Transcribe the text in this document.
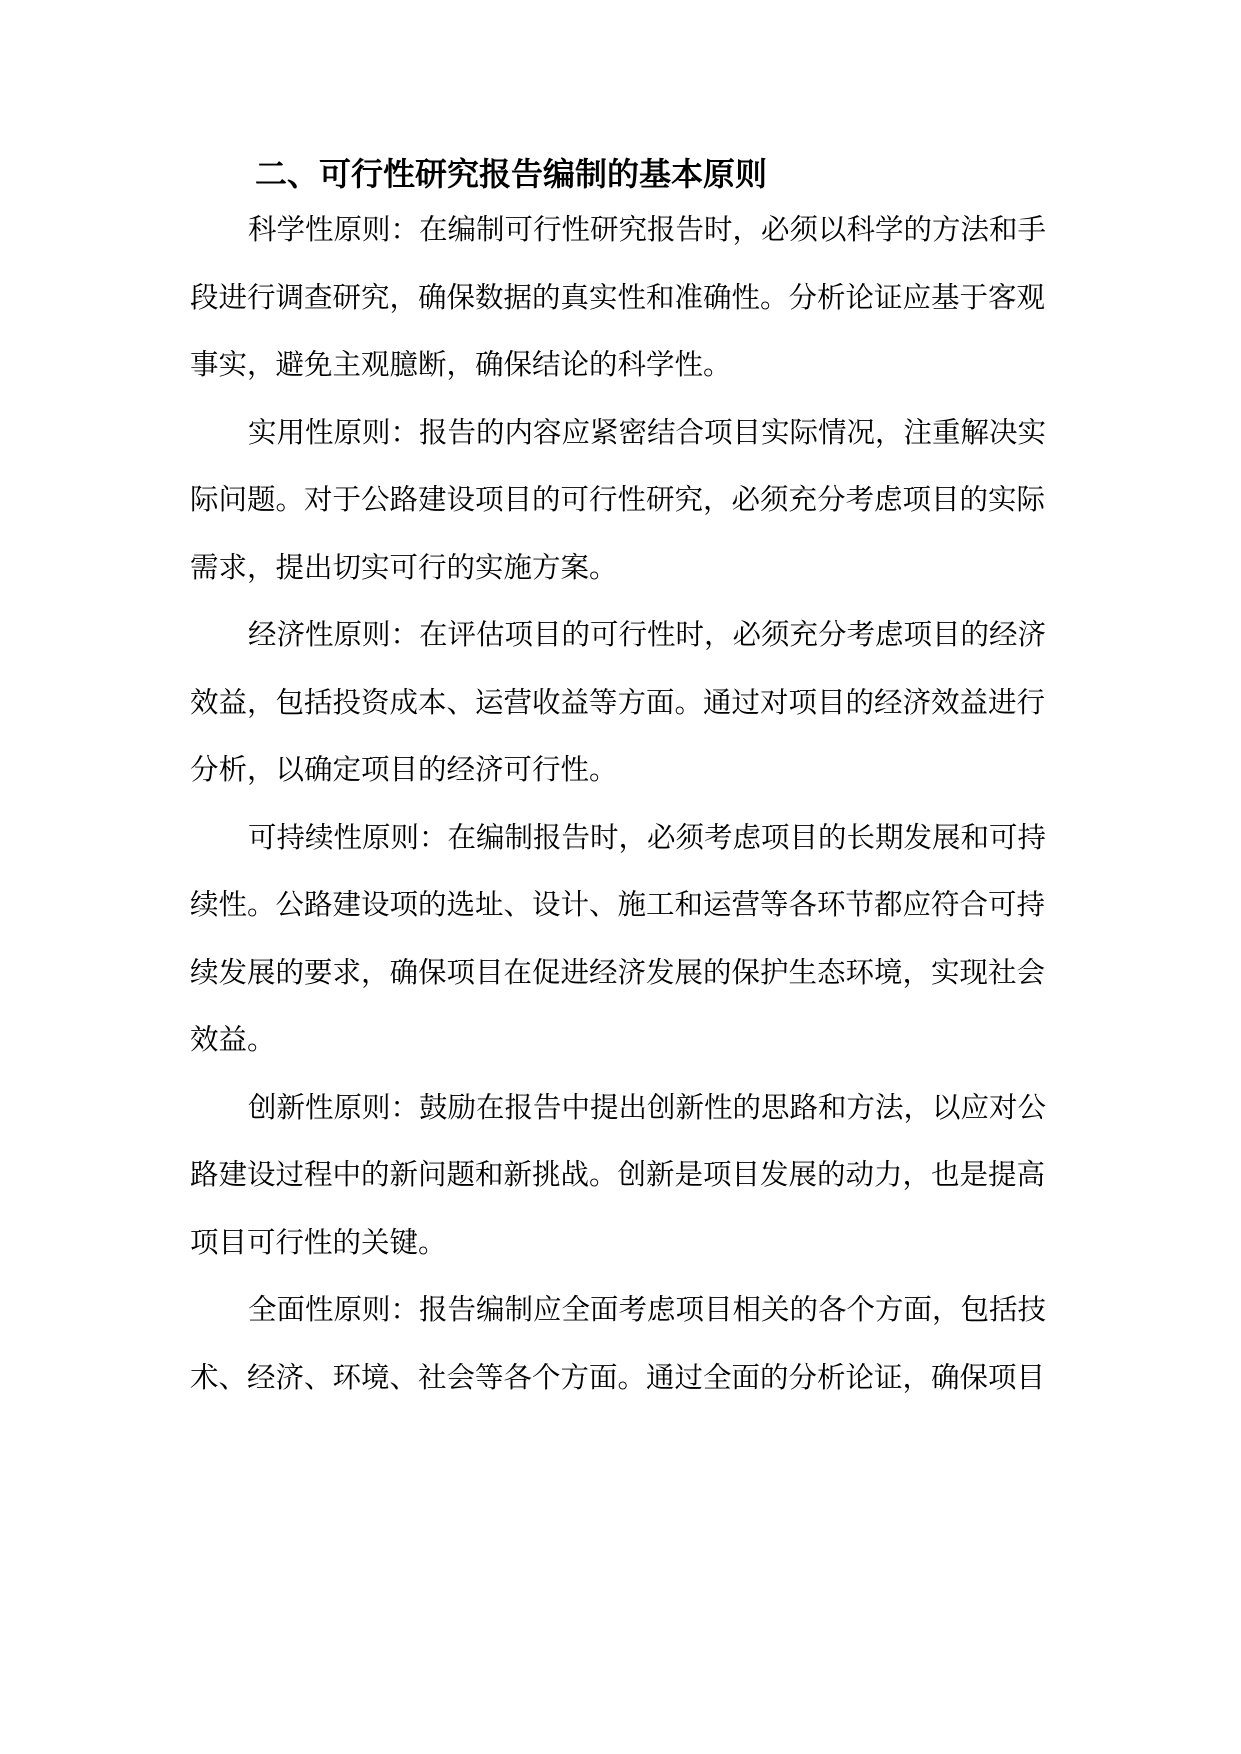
二、可行性研究报告编制的基本原则
科学性原则：在编制可行性研究报告时，必须以科学的方法和手
段进行调查研究，确保数据的真实性和准确性。分析论证应基于客观
事实，避免主观臆断，确保结论的科学性。
实用性原则：报告的内容应紧密结合项目实际情况，注重解决实
际问题。对于公路建设项目的可行性研究，必须充分考虑项目的实际
需求，提出切实可行的实施方案。
经济性原则：在评估项目的可行性时，必须充分考虑项目的经济
效益，包括投资成本、运营收益等方面。通过对项目的经济效益进行
分析，以确定项目的经济可行性。
可持续性原则：在编制报告时，必须考虑项目的长期发展和可持
续性。公路建设项的选址、设计、施工和运营等各环节都应符合可持
续发展的要求，确保项目在促进经济发展的保护生态环境，实现社会
效益。
创新性原则：鼓励在报告中提出创新性的思路和方法，以应对公
路建设过程中的新问题和新挑战。创新是项目发展的动力，也是提高
项目可行性的关键。
全面性原则：报告编制应全面考虑项目相关的各个方面，包括技
术、经济、环境、社会等各个方面。通过全面的分析论证，确保项目
